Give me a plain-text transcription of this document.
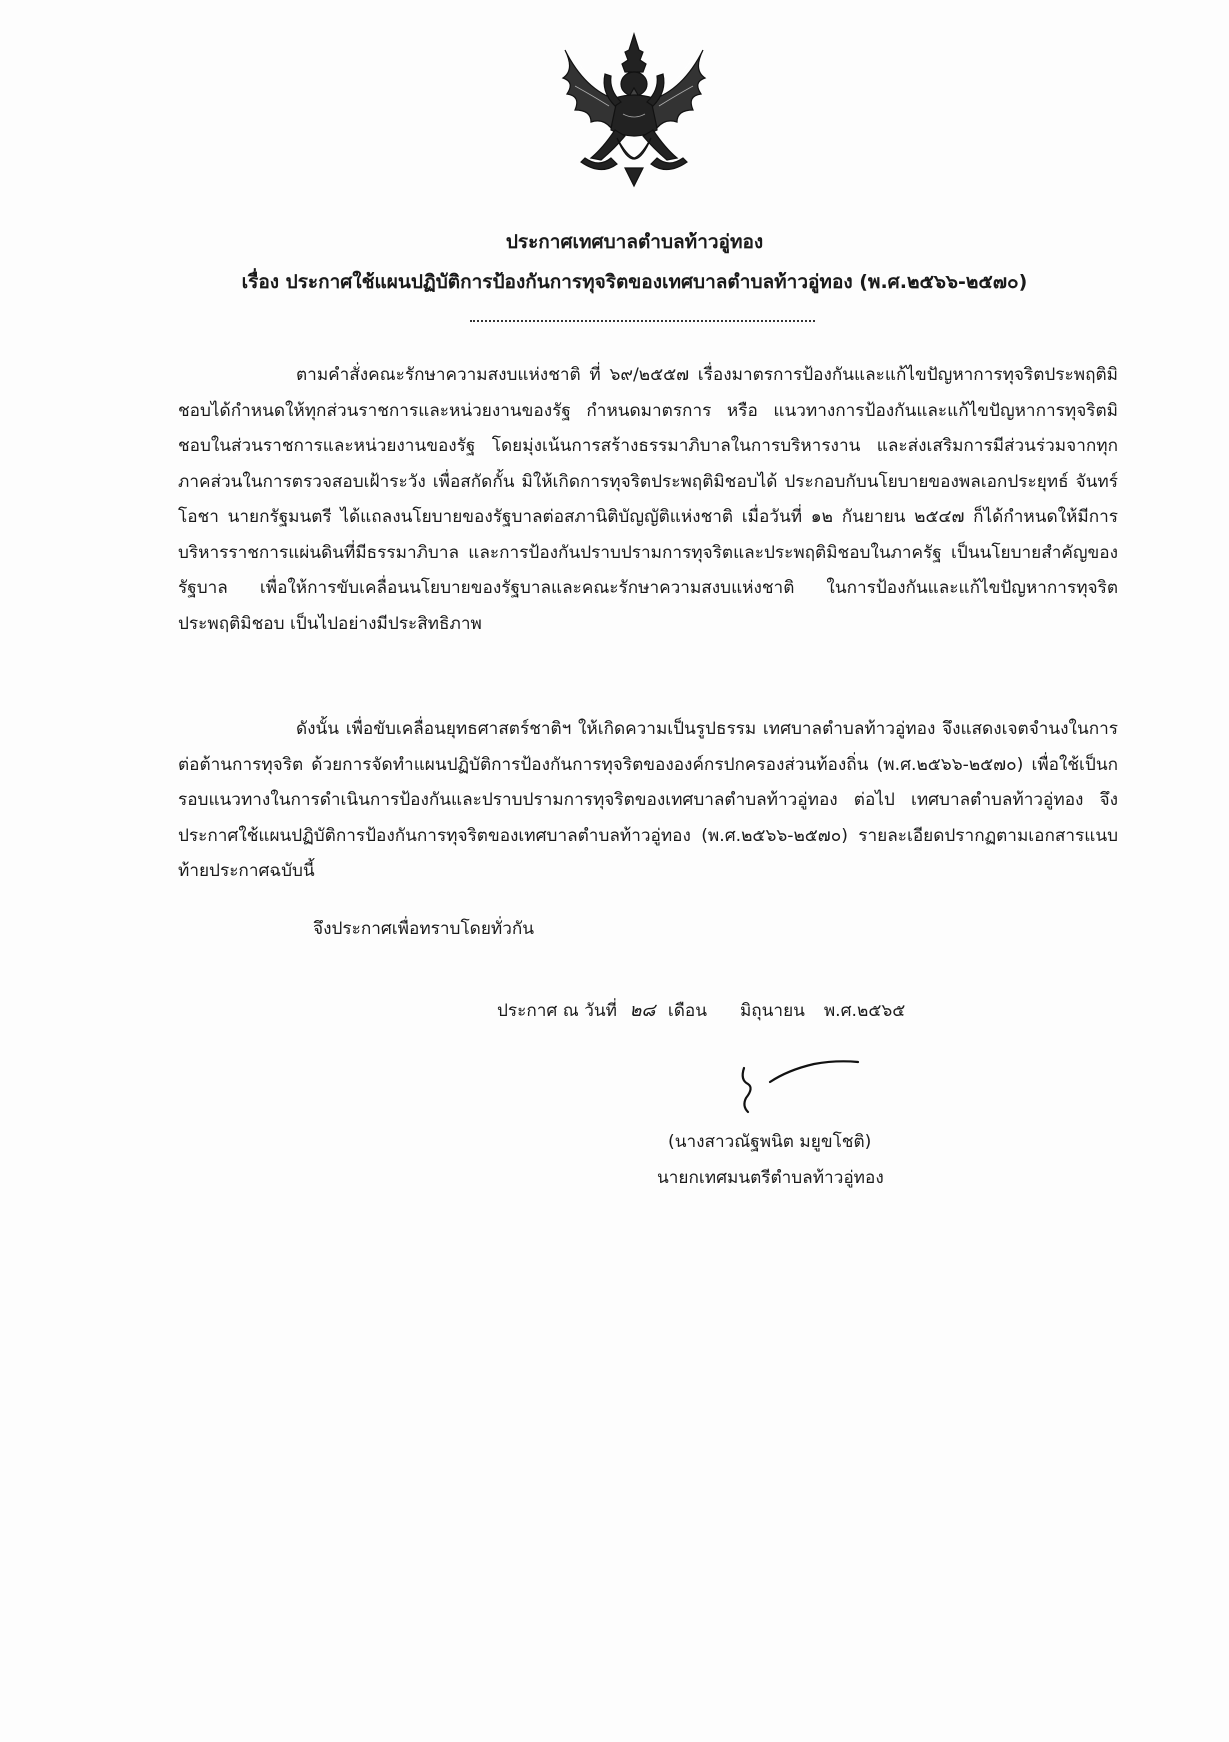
ประกาศเทศบาลตำบลท้าวอู่ทอง
เรื่อง ประกาศใช้แผนปฏิบัติการป้องกันการทุจริตของเทศบาลตำบลท้าวอู่ทอง (พ.ศ.๒๕๖๖-๒๕๗๐)

ตามคำสั่งคณะรักษาความสงบแห่งชาติ ที่ ๖๙/๒๕๕๗ เรื่องมาตรการป้องกันและแก้ไขปัญหาการทุจริตประพฤติมิชอบได้กำหนดให้ทุกส่วนราชการและหน่วยงานของรัฐ กำหนดมาตรการ หรือ แนวทางการป้องกันและแก้ไขปัญหาการทุจริตมิชอบในส่วนราชการและหน่วยงานของรัฐ โดยมุ่งเน้นการสร้างธรรมาภิบาลในการบริหารงาน และส่งเสริมการมีส่วนร่วมจากทุกภาคส่วนในการตรวจสอบเฝ้าระวัง เพื่อสกัดกั้น มิให้เกิดการทุจริตประพฤติมิชอบได้ ประกอบกับนโยบายของพลเอกประยุทธ์ จันทร์โอชา นายกรัฐมนตรี ได้แถลงนโยบายของรัฐบาลต่อสภานิติบัญญัติแห่งชาติ เมื่อวันที่ ๑๒ กันยายน ๒๕๔๗ ก็ได้กำหนดให้มีการบริหารราชการแผ่นดินที่มีธรรมาภิบาล และการป้องกันปราบปรามการทุจริตและประพฤติมิชอบในภาครัฐ เป็นนโยบายสำคัญของรัฐบาล เพื่อให้การขับเคลื่อนนโยบายของรัฐบาลและคณะรักษาความสงบแห่งชาติ ในการป้องกันและแก้ไขปัญหาการทุจริตประพฤติมิชอบ เป็นไปอย่างมีประสิทธิภาพ

ดังนั้น เพื่อขับเคลื่อนยุทธศาสตร์ชาติฯ ให้เกิดความเป็นรูปธรรม เทศบาลตำบลท้าวอู่ทอง จึงแสดงเจตจำนงในการต่อต้านการทุจริต ด้วยการจัดทำแผนปฏิบัติการป้องกันการทุจริตขององค์กรปกครองส่วนท้องถิ่น (พ.ศ.๒๕๖๖-๒๕๗๐) เพื่อใช้เป็นกรอบแนวทางในการดำเนินการป้องกันและปราบปรามการทุจริตของเทศบาลตำบลท้าวอู่ทอง ต่อไป เทศบาลตำบลท้าวอู่ทอง จึงประกาศใช้แผนปฏิบัติการป้องกันการทุจริตของเทศบาลตำบลท้าวอู่ทอง (พ.ศ.๒๕๖๖-๒๕๗๐) รายละเอียดปรากฏตามเอกสารแนบท้ายประกาศฉบับนี้

จึงประกาศเพื่อทราบโดยทั่วกัน
ประกาศ ณ วันที่ ๒๘ เดือน มิถุนายน พ.ศ.๒๕๖๕
(นางสาวณัฐพนิต มยูขโชติ)
นายกเทศมนตรีตำบลท้าวอู่ทอง
